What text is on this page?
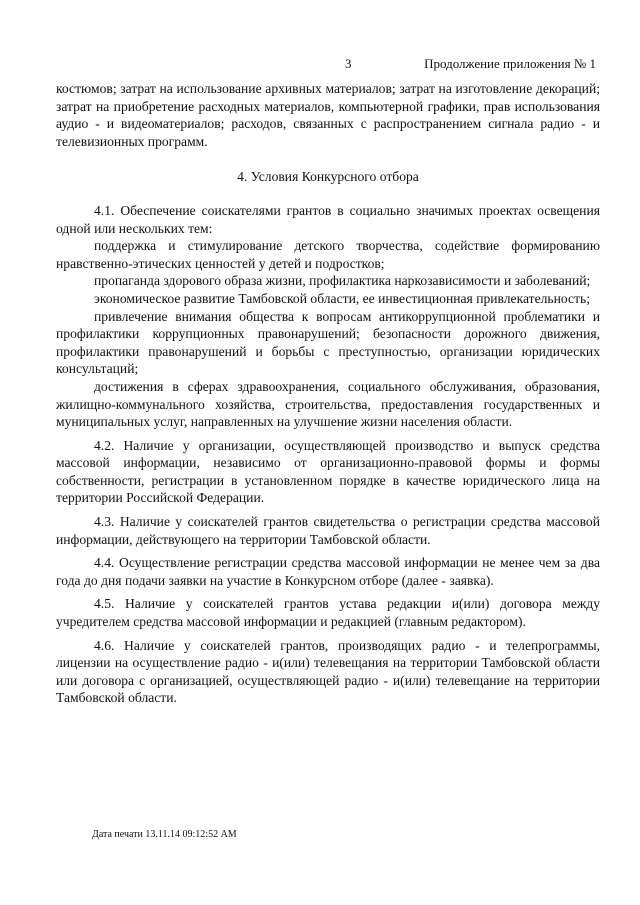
3	Продолжение приложения № 1

костюмов; затрат на использование архивных материалов; затрат на изготовление декораций; затрат на приобретение расходных материалов, компьютерной графики, прав использования аудио - и видеоматериалов; расходов, связанных с распространением сигнала радио - и телевизионных программ.

4. Условия Конкурсного отбора

4.1. Обеспечение соискателями грантов в социально значимых проектах освещения одной или нескольких тем:

поддержка и стимулирование детского творчества, содействие формированию нравственно-этических ценностей у детей и подростков;

пропаганда здорового образа жизни, профилактика наркозависимости и заболеваний;

экономическое развитие Тамбовской области, ее инвестиционная привлекательность;

привлечение внимания общества к вопросам антикоррупционной проблематики и профилактики коррупционных правонарушений; безопасности дорожного движения, профилактики правонарушений и борьбы с преступностью, организации юридических консультаций;

достижения в сферах здравоохранения, социального обслуживания, образования, жилищно-коммунального хозяйства, строительства, предоставления государственных и муниципальных услуг, направленных на улучшение жизни населения области.

4.2. Наличие у организации, осуществляющей производство и выпуск средства массовой информации, независимо от организационно-правовой формы и формы собственности, регистрации в установленном порядке в качестве юридического лица на территории Российской Федерации.

4.3. Наличие у соискателей грантов свидетельства о регистрации средства массовой информации, действующего на территории Тамбовской области.

4.4. Осуществление регистрации средства массовой информации не менее чем за два года до дня подачи заявки на участие в Конкурсном отборе (далее - заявка).

4.5. Наличие у соискателей грантов устава редакции и(или) договора между учредителем средства массовой информации и редакцией (главным редактором).

4.6. Наличие у соискателей грантов, производящих радио - и телепрограммы, лицензии на осуществление радио - и(или) телевещания на территории Тамбовской области или договора с организацией, осуществляющей радио - и(или) телевещание на территории Тамбовской области.

Дата печати 13.11.14 09:12:52 AM
